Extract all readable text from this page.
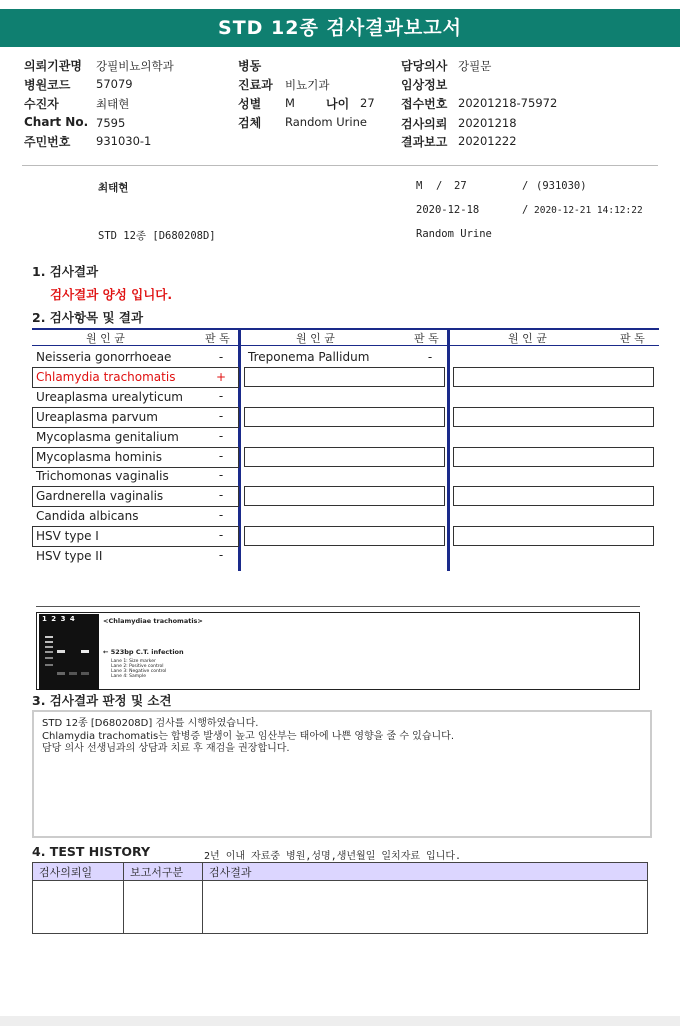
STD 12종 검사결과보고서
의뢰기관명 강필비뇨의학과
병원코드 57079
수진자	최태현
Chart No. 7595
주민번호 931030-1
병동
진료과 비뇨기과
성별 M	나이 27
검체 Random Urine
담당의사 강필문
임상정보
접수번호 20201218-75972
검사의뢰 20201218
결과보고 20201222
최태현	M / 27	/ (931030)
2020-12-18	/ 2020-12-21 14:12:22
STD 12종 [D680208D]	Random Urine
1. 검사결과
검사결과 양성 입니다.
2. 검사항목 및 결과
원 인 균	판 독	원 인 균	판 독	원 인 균	판 독
Neisseria gonorrhoeae	-
Chlamydia trachomatis	+
Ureaplasma urealyticum	-
Ureaplasma parvum	-
Mycoplasma genitalium	-
Mycoplasma hominis	-
Trichomonas vaginalis	-
Gardnerella vaginalis	-
Candida albicans	-
HSV type I	-
HSV type II	-
Treponema Pallidum	-
1 2 3 4	<Chlamydiae trachomatis>
← 523bp C.T. infection
Lane 1: Size marker
Lane 2: Positive control
Lane 3: Negative control
Lane 4: Sample
3. 검사결과 판정 및 소견
STD 12종 [D680208D] 검사를 시행하였습니다.
Chlamydia trachomatis는 합병증 발생이 높고 임산부는 태아에 나쁜 영향을 줄 수 있습니다.
담당 의사 선생님과의 상담과 치료 후 재검을 권장합니다.
4. TEST HISTORY	2년 이내 자료중 병원,성명,생년월일 일치자료 입니다.
검사의뢰일	보고서구분	검사결과
